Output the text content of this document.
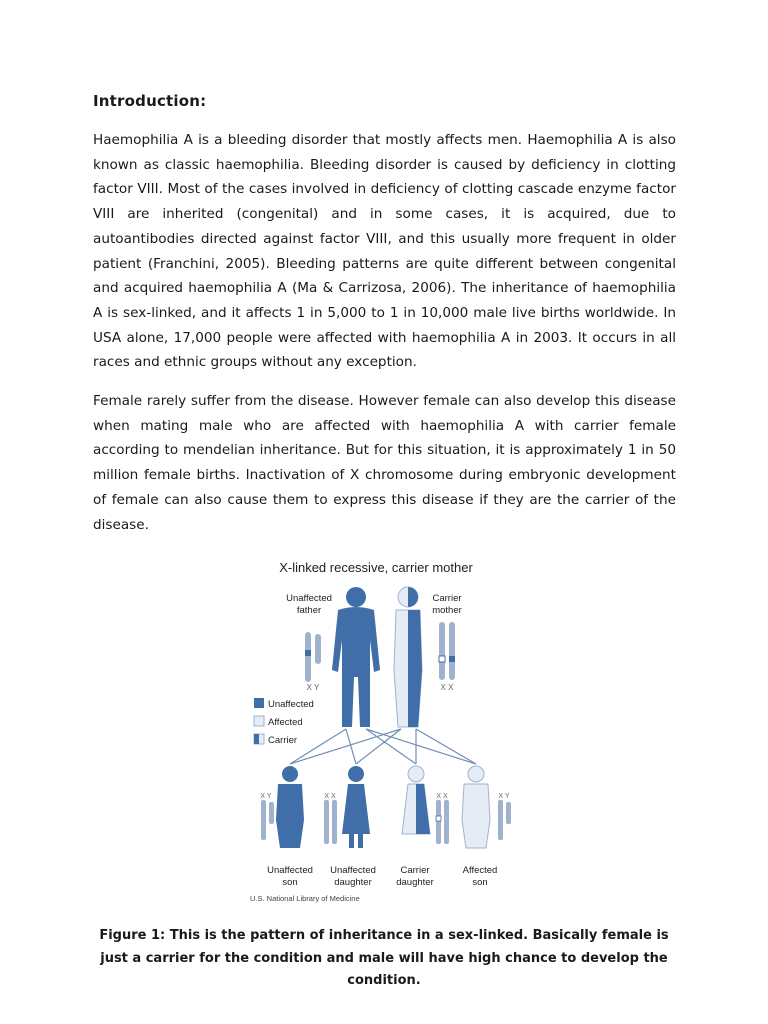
Introduction:

Haemophilia A is a bleeding disorder that mostly affects men. Haemophilia A is also known as classic haemophilia. Bleeding disorder is caused by deficiency in clotting factor VIII. Most of the cases involved in deficiency of clotting cascade enzyme factor VIII are inherited (congenital) and in some cases, it is acquired, due to autoantibodies directed against factor VIII, and this usually more frequent in older patient (Franchini, 2005). Bleeding patterns are quite different between congenital and acquired haemophilia A (Ma & Carrizosa, 2006). The inheritance of haemophilia A is sex-linked, and it affects 1 in 5,000 to 1 in 10,000 male live births worldwide. In USA alone, 17,000 people were affected with haemophilia A in 2003. It occurs in all races and ethnic groups without any exception.

Female rarely suffer from the disease. However female can also develop this disease when mating male who are affected with haemophilia A with carrier female according to mendelian inheritance. But for this situation, it is approximately 1 in 50 million female births. Inactivation of X chromosome during embryonic development of female can also cause them to express this disease if they are the carrier of the disease.

X-linked recessive, carrier mother
Unaffected
father
Carrier
mother
X Y	X X
Unaffected
Affected
Carrier
X Y	X X	X X	X Y
Unaffected
son
Unaffected
daughter
Carrier
daughter
Affected
son
U.S. National Library of Medicine
Figure 1: This is the pattern of inheritance in a sex-linked. Basically female is just a carrier for the condition and male will have high chance to develop the condition.
